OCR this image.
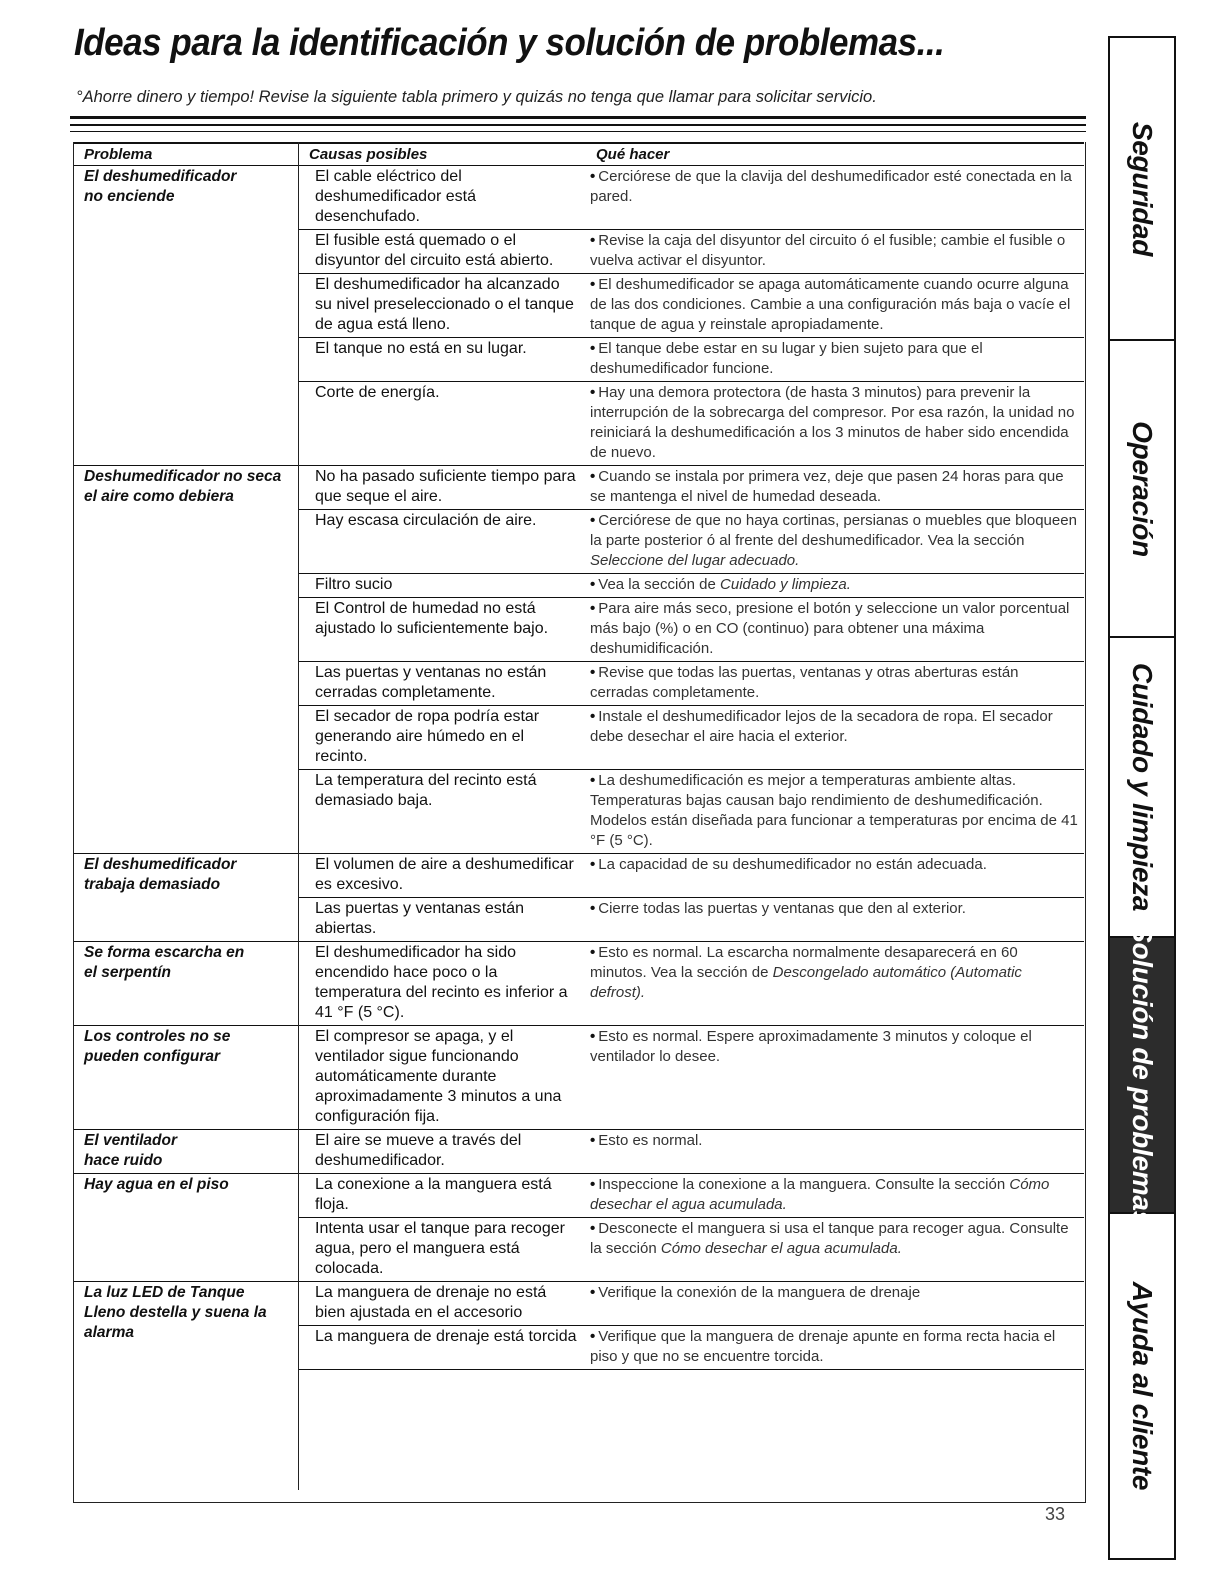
Ideas para la identificación y solución de problemas...

°Ahorre dinero y tiempo! Revise la siguiente tabla primero y quizás no tenga que llamar para solicitar servicio.

Problema	Causas posibles	Qué hacer

El deshumedificador
no enciende	El cable eléctrico del deshumedificador está desenchufado.	• Cerciórese de que la clavija del deshumedificador esté conectada en la pared.
	El fusible está quemado o el disyuntor del circuito está abierto.	• Revise la caja del disyuntor del circuito ó el fusible; cambie el fusible o vuelva activar el disyuntor.
	El deshumedificador ha alcanzado su nivel preseleccionado o el tanque de agua está lleno.	• El deshumedificador se apaga automáticamente cuando ocurre alguna de las dos condiciones. Cambie a una configuración más baja o vacíe el tanque de agua y reinstale apropiadamente.
	El tanque no está en su lugar.	• El tanque debe estar en su lugar y bien sujeto para que el deshumedificador funcione.
	Corte de energía.	• Hay una demora protectora (de hasta 3 minutos) para prevenir la interrupción de la sobrecarga del compresor. Por esa razón, la unidad no reiniciará la deshumedificación a los 3 minutos de haber sido encendida de nuevo.

Deshumedificador no seca
el aire como debiera	No ha pasado suficiente tiempo para que seque el aire.	• Cuando se instala por primera vez, deje que pasen 24 horas para que se mantenga el nivel de humedad deseada.
	Hay escasa circulación de aire.	• Cerciórese de que no haya cortinas, persianas o muebles que bloqueen la parte posterior ó al frente del deshumedificador. Vea la sección Seleccione del lugar adecuado.
	Filtro sucio	• Vea la sección de Cuidado y limpieza.
	El Control de humedad no está ajustado lo suficientemente bajo.	• Para aire más seco, presione el botón y seleccione un valor porcentual más bajo (%) o en CO (continuo) para obtener una máxima deshumidificación.
	Las puertas y ventanas no están cerradas completamente.	• Revise que todas las puertas, ventanas y otras aberturas están cerradas completamente.
	El secador de ropa podría estar generando aire húmedo en el recinto.	• Instale el deshumedificador lejos de la secadora de ropa. El secador debe desechar el aire hacia el exterior.
	La temperatura del recinto está demasiado baja.	• La deshumedificación es mejor a temperaturas ambiente altas. Temperaturas bajas causan bajo rendimiento de deshumedificación. Modelos están diseñada para funcionar a temperaturas por encima de 41 °F (5 °C).

El deshumedificador
trabaja demasiado	El volumen de aire a deshumedificar es excesivo.	• La capacidad de su deshumedificador no están adecuada.
	Las puertas y ventanas están abiertas.	• Cierre todas las puertas y ventanas que den al exterior.

Se forma escarcha en
el serpentín	El deshumedificador ha sido encendido hace poco o la temperatura del recinto es inferior a 41 °F (5 °C).	• Esto es normal. La escarcha normalmente desaparecerá en 60 minutos. Vea la sección de Descongelado automático (Automatic defrost).

Los controles no se
pueden configurar	El compresor se apaga, y el ventilador sigue funcionando automáticamente durante aproximadamente 3 minutos a una configuración fija.	• Esto es normal. Espere aproximadamente 3 minutos y coloque el ventilador lo desee.

El ventilador
hace ruido	El aire se mueve a través del deshumedificador.	• Esto es normal.

Hay agua en el piso	La conexione a la manguera está floja.	• Inspeccione la conexione a la manguera. Consulte la sección Cómo desechar el agua acumulada.
	Intenta usar el tanque para recoger agua, pero el manguera está colocada.	• Desconecte el manguera si usa el tanque para recoger agua. Consulte la sección Cómo desechar el agua acumulada.

La luz LED de Tanque
Lleno destella y suena la
alarma	La manguera de drenaje no está bien ajustada en el accesorio	• Verifique la conexión de la manguera de drenaje
	La manguera de drenaje está torcida	• Verifique que la manguera de drenaje apunte en forma recta hacia el piso y que no se encuentre torcida.
33
Seguridad
Operación
Cuidado y limpieza
Solución de problemas
Ayuda al cliente
